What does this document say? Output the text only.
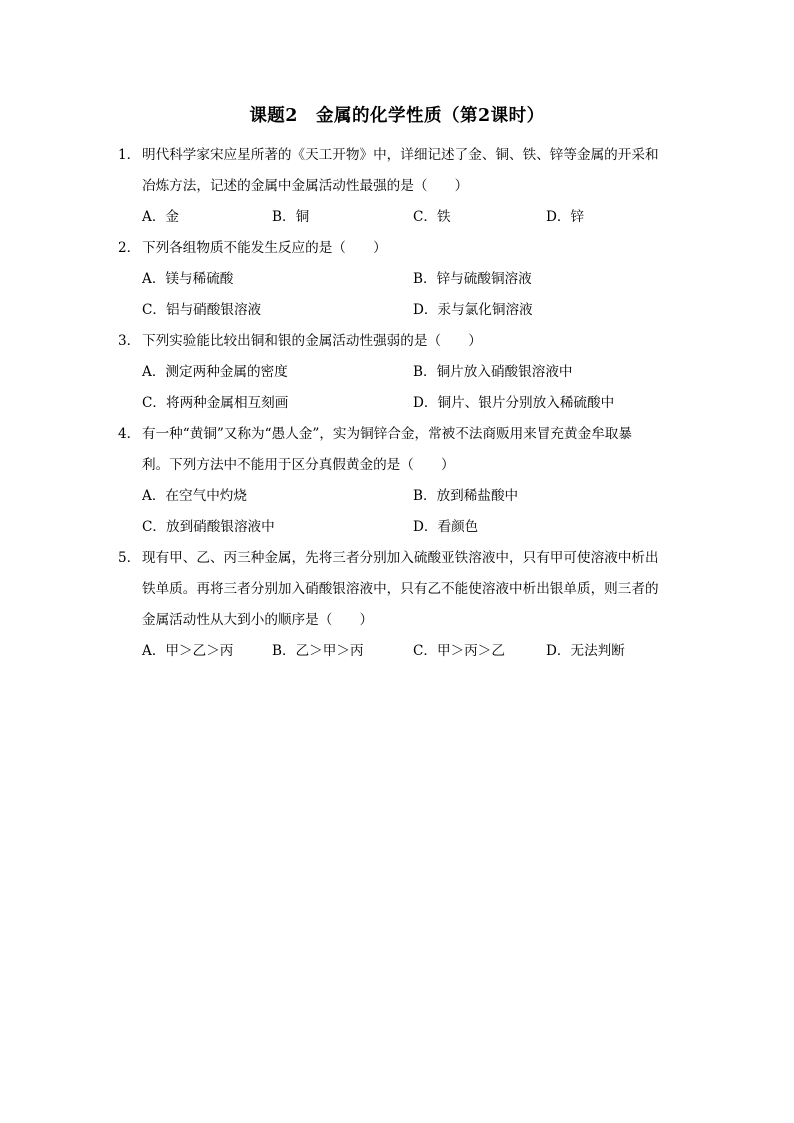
课题2　金属的化学性质（第2课时）
1． 明代科学家宋应星所著的《天工开物》中，详细记述了金、铜、铁、锌等金属的开采和
冶炼方法，记述的金属中金属活动性最强的是（　　）
A．金	B．铜	C．铁	D．锌
2． 下列各组物质不能发生反应的是（　　）
A．镁与稀硫酸	B．锌与硫酸铜溶液
C．铝与硝酸银溶液	D．汞与氯化铜溶液
3． 下列实验能比较出铜和银的金属活动性强弱的是（　　）
A．测定两种金属的密度	B．铜片放入硝酸银溶液中
C．将两种金属相互刻画	D．铜片、银片分别放入稀硫酸中
4． 有一种“黄铜”又称为“愚人金”，实为铜锌合金，常被不法商贩用来冒充黄金牟取暴
利。下列方法中不能用于区分真假黄金的是（　　）
A．在空气中灼烧	B．放到稀盐酸中
C．放到硝酸银溶液中	D．看颜色
5． 现有甲、乙、丙三种金属，先将三者分别加入硫酸亚铁溶液中，只有甲可使溶液中析出
铁单质。再将三者分别加入硝酸银溶液中，只有乙不能使溶液中析出银单质，则三者的
金属活动性从大到小的顺序是（　　）
A．甲＞乙＞丙	B．乙＞甲＞丙	C．甲＞丙＞乙	D．无法判断
